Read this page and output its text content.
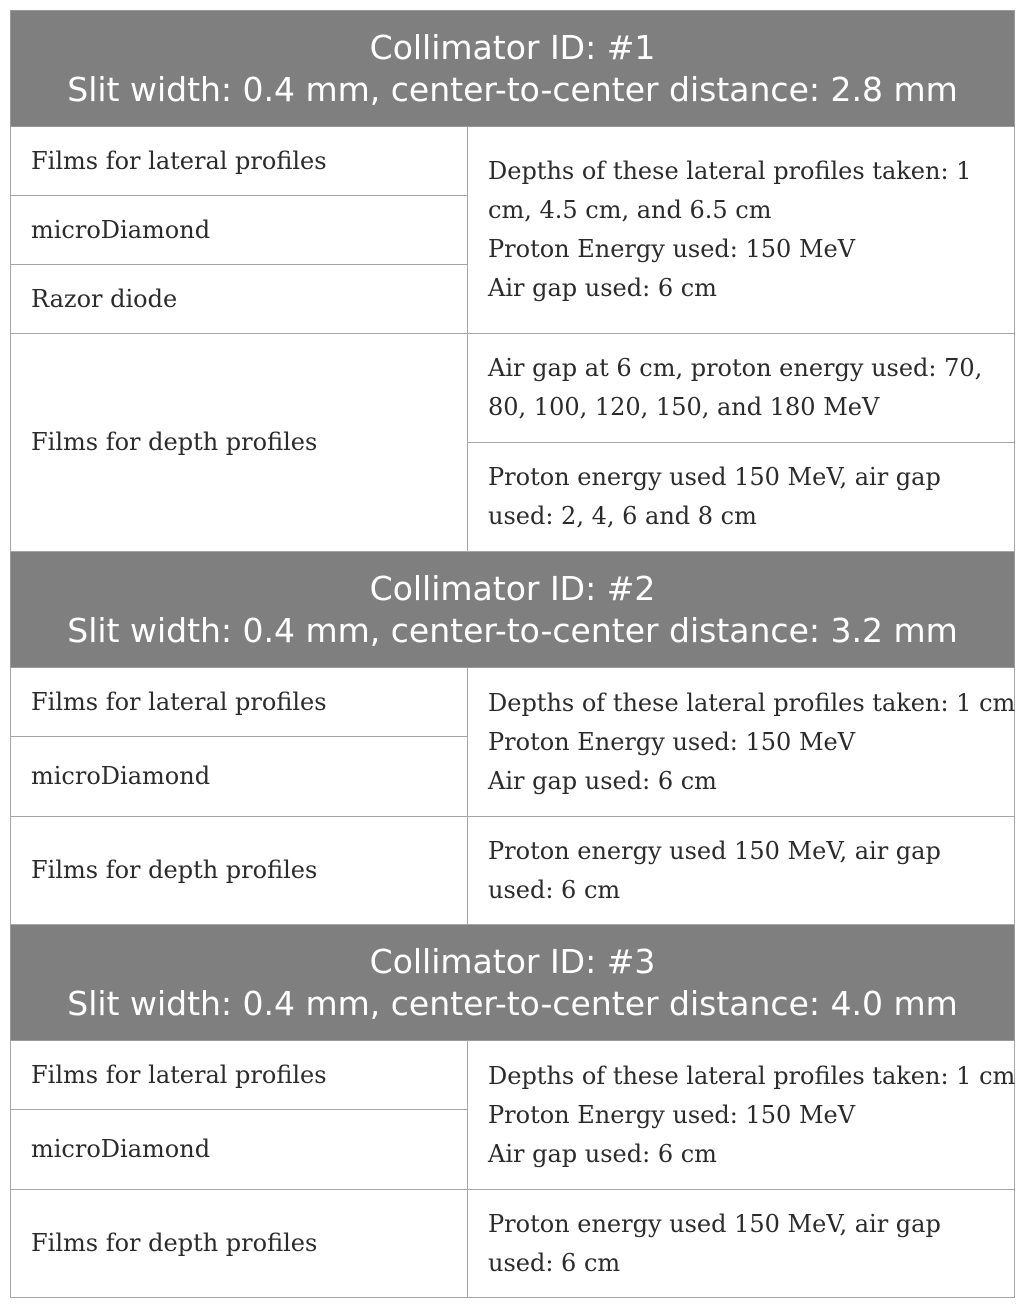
Collimator ID: #1
Slit width: 0.4 mm, center-to-center distance: 2.8 mm	

Films for lateral profiles	Depths of these lateral profiles taken: 1
cm, 4.5 cm, and 6.5 cm
Proton Energy used: 150 MeV
Air gap used: 6 cm

microDiamond	
Razor diode	
Films for depth profiles	Air gap at 6 cm, proton energy used: 70,
80, 100, 120, 150, and 180 MeV

	Proton energy used 150 MeV, air gap
used: 2, 4, 6 and 8 cm

Collimator ID: #2
Slit width: 0.4 mm, center-to-center distance: 3.2 mm	

Films for lateral profiles	Depths of these lateral profiles taken: 1 cm
Proton Energy used: 150 MeV
Air gap used: 6 cm

microDiamond	
Films for depth profiles	Proton energy used 150 MeV, air gap
used: 6 cm

Collimator ID: #3
Slit width: 0.4 mm, center-to-center distance: 4.0 mm	

Films for lateral profiles	Depths of these lateral profiles taken: 1 cm
Proton Energy used: 150 MeV
Air gap used: 6 cm

microDiamond	
Films for depth profiles	Proton energy used 150 MeV, air gap
used: 6 cm
